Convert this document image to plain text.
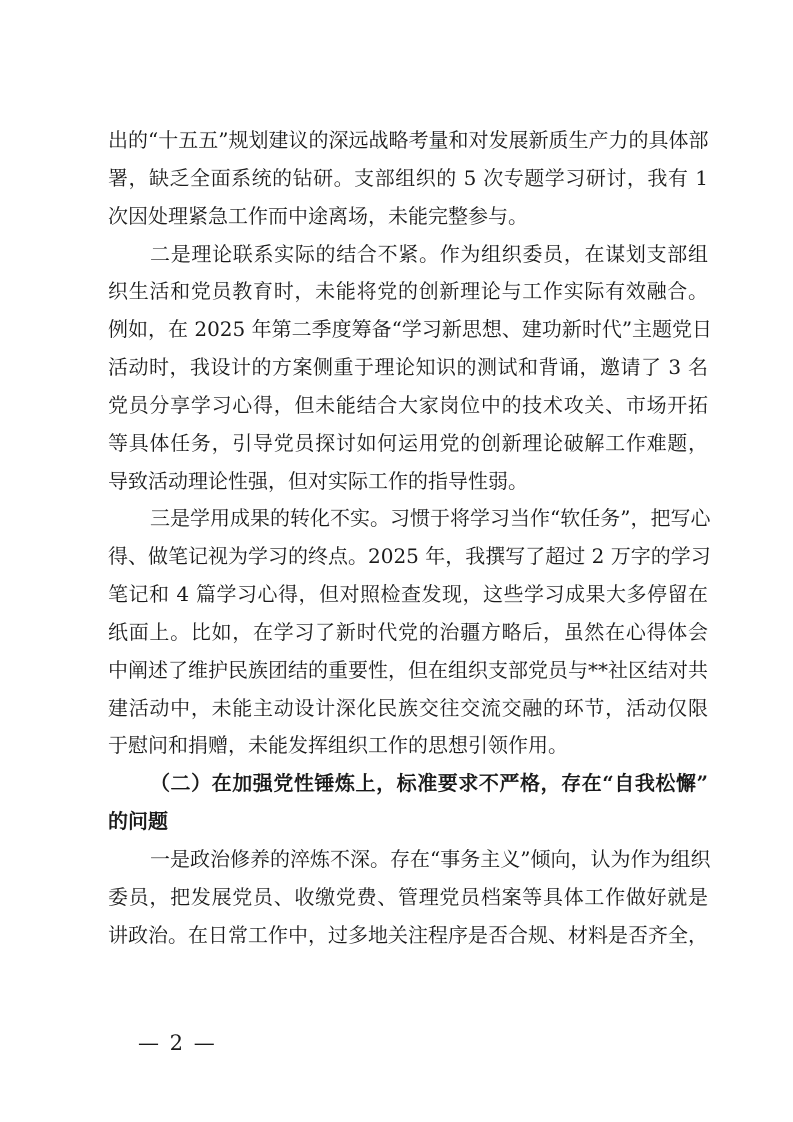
出的“十五五”规划建议的深远战略考量和对发展新质生产力的具体部
署，缺乏全面系统的钻研。支部组织的 5 次专题学习研讨，我有 1
次因处理紧急工作而中途离场，未能完整参与。
二是理论联系实际的结合不紧。作为组织委员，在谋划支部组
织生活和党员教育时，未能将党的创新理论与工作实际有效融合。
例如，在 2025 年第二季度筹备“学习新思想、建功新时代”主题党日
活动时，我设计的方案侧重于理论知识的测试和背诵，邀请了 3 名
党员分享学习心得，但未能结合大家岗位中的技术攻关、市场开拓
等具体任务，引导党员探讨如何运用党的创新理论破解工作难题，
导致活动理论性强，但对实际工作的指导性弱。
三是学用成果的转化不实。习惯于将学习当作“软任务”，把写心
得、做笔记视为学习的终点。2025 年，我撰写了超过 2 万字的学习
笔记和 4 篇学习心得，但对照检查发现，这些学习成果大多停留在
纸面上。比如，在学习了新时代党的治疆方略后，虽然在心得体会
中阐述了维护民族团结的重要性，但在组织支部党员与**社区结对共
建活动中，未能主动设计深化民族交往交流交融的环节，活动仅限
于慰问和捐赠，未能发挥组织工作的思想引领作用。
（二）在加强党性锤炼上，标准要求不严格，存在“自我松懈”
的问题
一是政治修养的淬炼不深。存在“事务主义”倾向，认为作为组织
委员，把发展党员、收缴党费、管理党员档案等具体工作做好就是
讲政治。在日常工作中，过多地关注程序是否合规、材料是否齐全，
— 2 —
